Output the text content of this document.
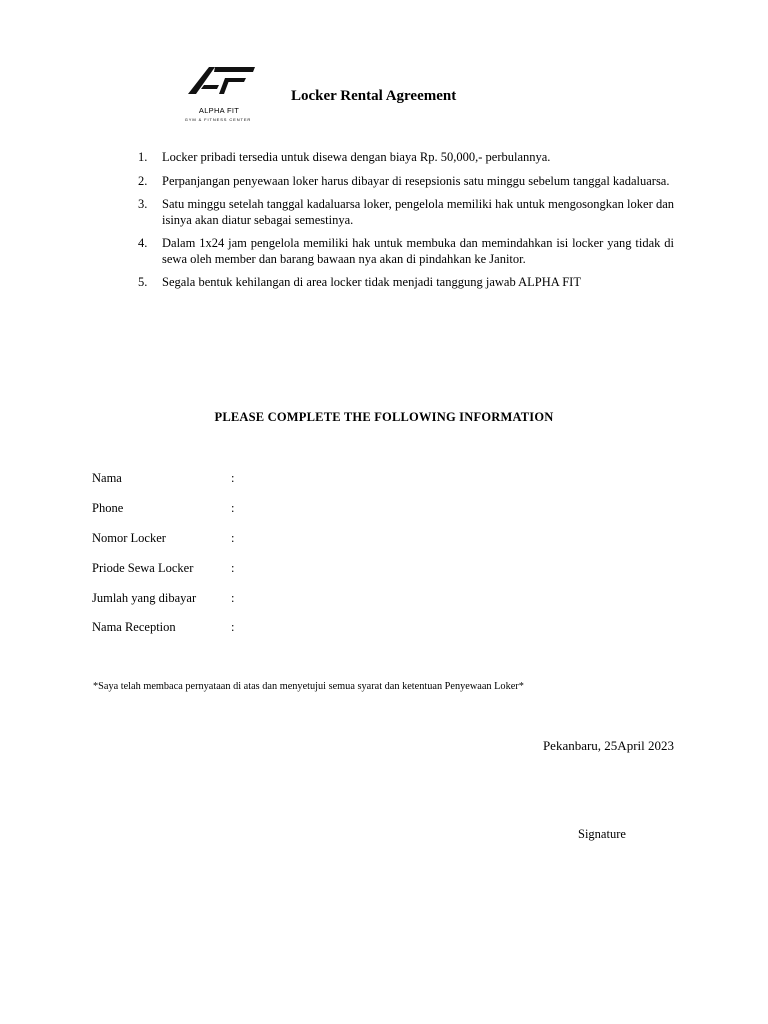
ALPHA FIT
GYM & FITNESS CENTER
Locker Rental Agreement
1.	Locker pribadi tersedia untuk disewa dengan biaya Rp. 50,000,- perbulannya.
2.	Perpanjangan penyewaan loker harus dibayar di resepsionis satu minggu sebelum tanggal kadaluarsa.
3.	Satu minggu setelah tanggal kadaluarsa loker, pengelola memiliki hak untuk mengosongkan loker dan isinya akan diatur sebagai semestinya.
4.	Dalam 1x24 jam pengelola memiliki hak untuk membuka dan memindahkan isi locker yang tidak di sewa oleh member dan barang bawaan nya akan di pindahkan ke Janitor.
5.	Segala bentuk kehilangan di area locker tidak menjadi tanggung jawab ALPHA FIT
PLEASE COMPLETE THE FOLLOWING INFORMATION
Nama	:
Phone	:
Nomor Locker	:
Priode Sewa Locker	:
Jumlah yang dibayar	:
Nama Reception	:
*Saya telah membaca pernyataan di atas dan menyetujui semua syarat dan ketentuan Penyewaan Loker*
Pekanbaru, 25April 2023
Signature
